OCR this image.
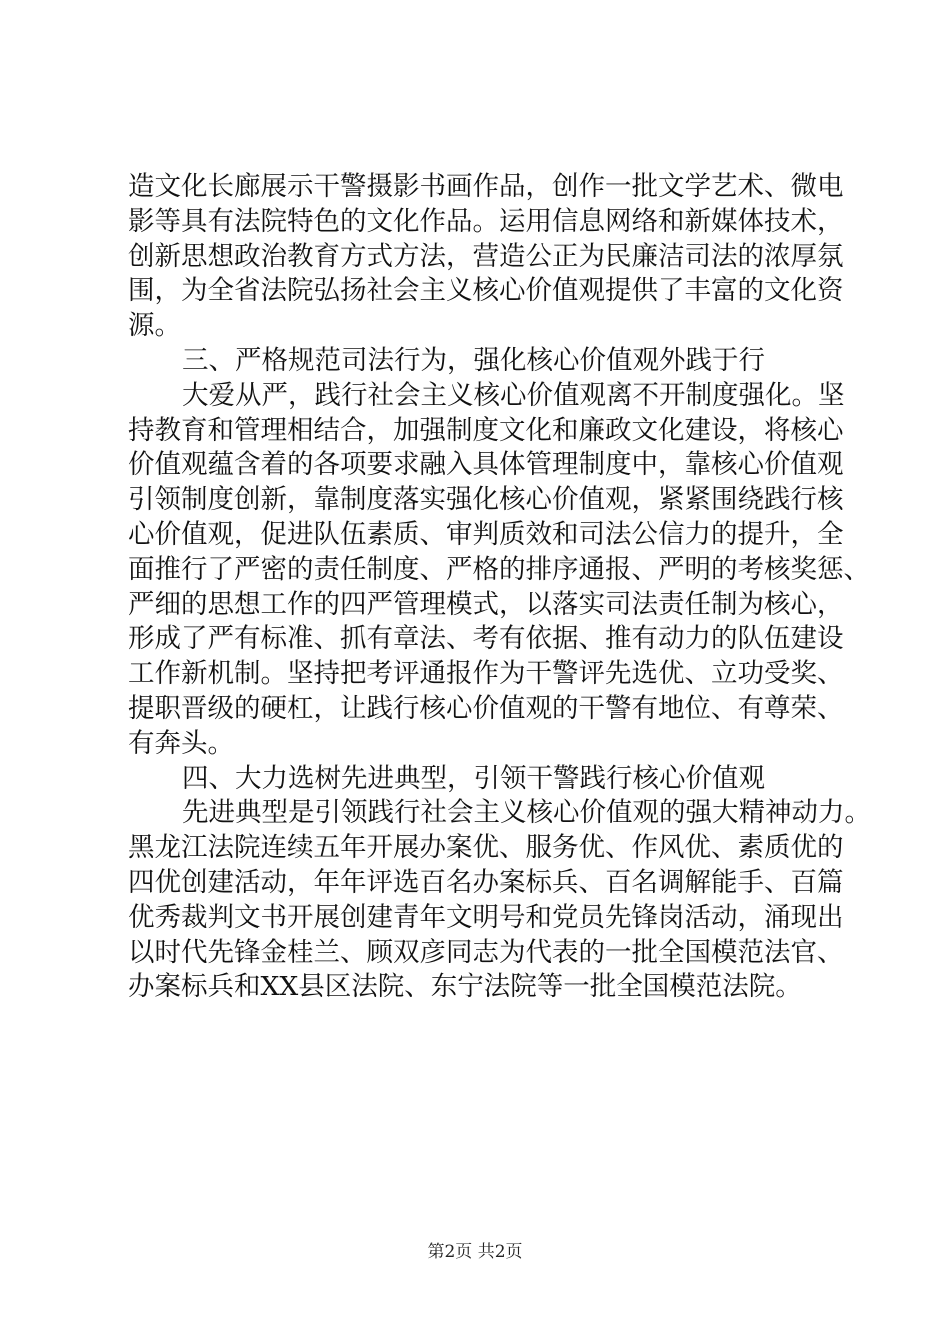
造文化长廊展示干警摄影书画作品，创作一批文学艺术、微电
影等具有法院特色的文化作品。运用信息网络和新媒体技术，
创新思想政治教育方式方法，营造公正为民廉洁司法的浓厚氛
围，为全省法院弘扬社会主义核心价值观提供了丰富的文化资
源。
三、严格规范司法行为，强化核心价值观外践于行
大爱从严，践行社会主义核心价值观离不开制度强化。坚
持教育和管理相结合，加强制度文化和廉政文化建设，将核心
价值观蕴含着的各项要求融入具体管理制度中，靠核心价值观
引领制度创新，靠制度落实强化核心价值观，紧紧围绕践行核
心价值观，促进队伍素质、审判质效和司法公信力的提升，全
面推行了严密的责任制度、严格的排序通报、严明的考核奖惩、
严细的思想工作的四严管理模式，以落实司法责任制为核心，
形成了严有标准、抓有章法、考有依据、推有动力的队伍建设
工作新机制。坚持把考评通报作为干警评先选优、立功受奖、
提职晋级的硬杠，让践行核心价值观的干警有地位、有尊荣、
有奔头。
四、大力选树先进典型，引领干警践行核心价值观
先进典型是引领践行社会主义核心价值观的强大精神动力。
黑龙江法院连续五年开展办案优、服务优、作风优、素质优的
四优创建活动，年年评选百名办案标兵、百名调解能手、百篇
优秀裁判文书开展创建青年文明号和党员先锋岗活动，涌现出
以时代先锋金桂兰、顾双彦同志为代表的一批全国模范法官、
办案标兵和XX县区法院、东宁法院等一批全国模范法院。
第2页 共2页
